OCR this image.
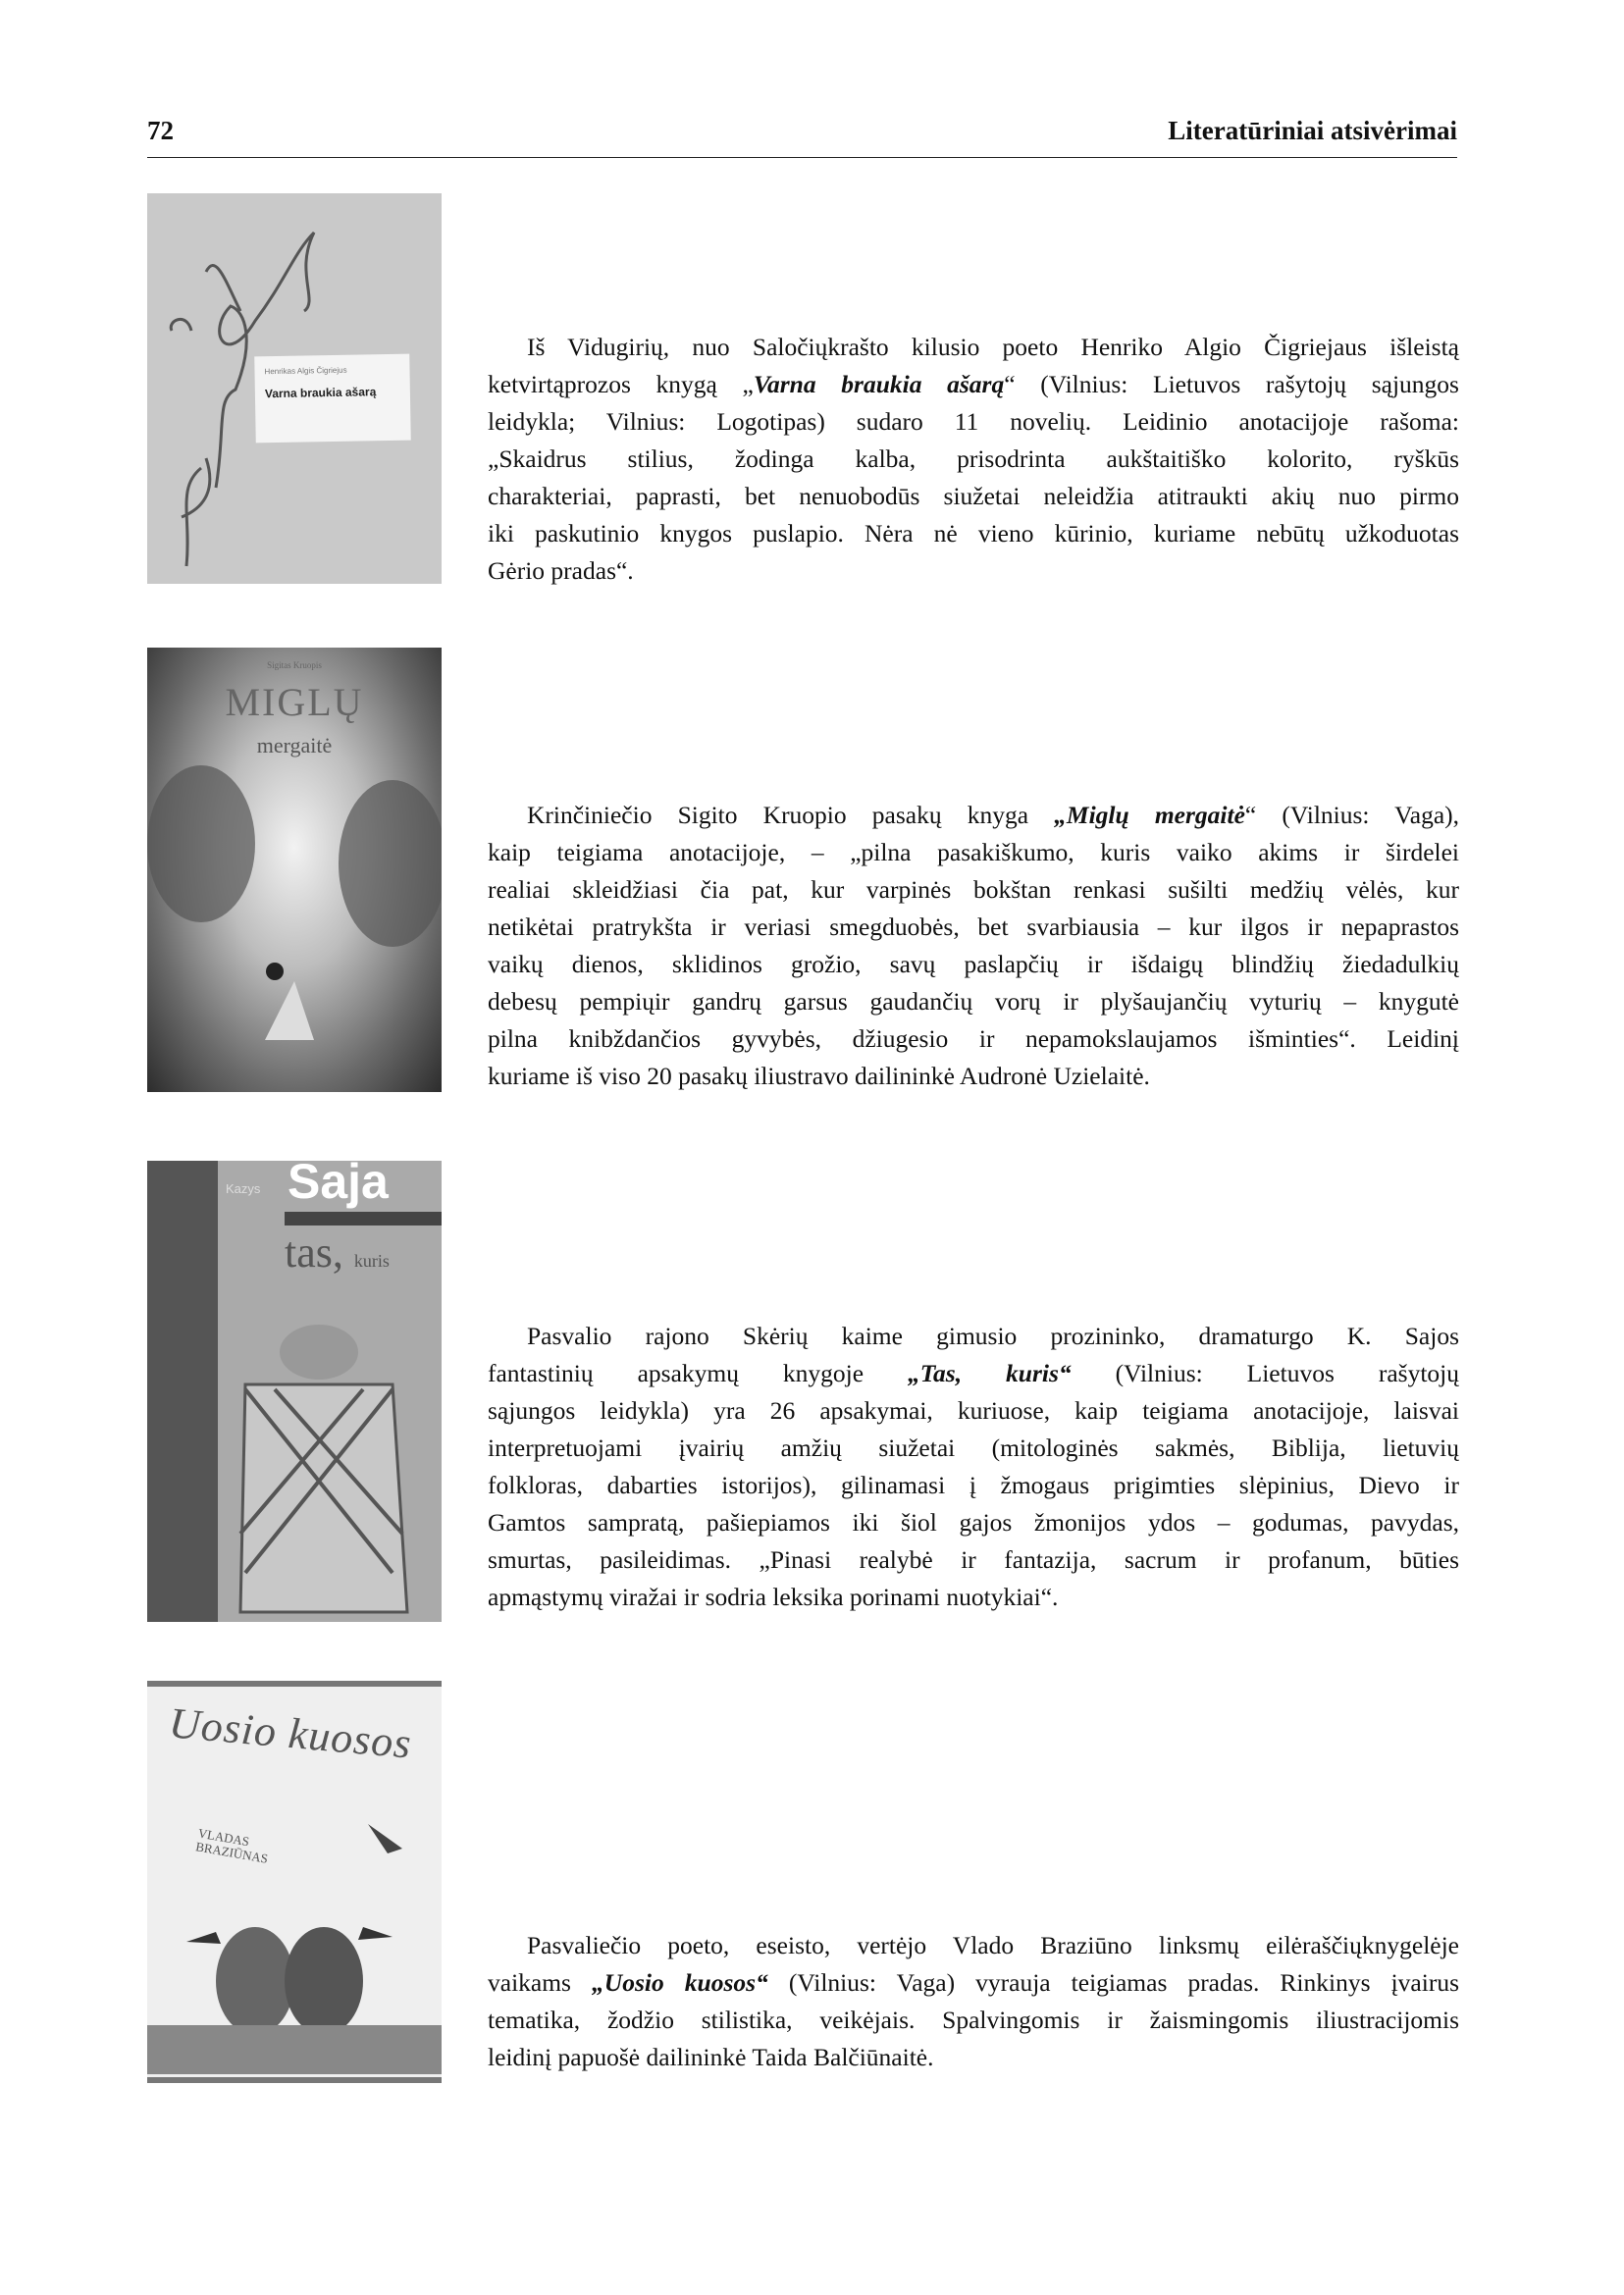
72	Literatūriniai atsivėrimai
Henrikas Algis Čigriejus
Varna braukia ašarą
Sigitas Kruopis
MIGLŲ
mergaitė
Kazys Saja
tas, kuris
Uosio kuosos
VLADAS BRAZIŪNAS
Iš Vidugirių, nuo Saločiųkrašto kilusio poeto Henriko Algio Čigriejaus išleistą
ketvirtąprozos knygą „Varna braukia ašarą“ (Vilnius: Lietuvos rašytojų sąjungos
leidykla; Vilnius: Logotipas) sudaro 11 novelių. Leidinio anotacijoje rašoma:
„Skaidrus stilius, žodinga kalba, prisodrinta aukštaitiško kolorito, ryškūs
charakteriai, paprasti, bet nenuobodūs siužetai neleidžia atitraukti akių nuo pirmo
iki paskutinio knygos puslapio. Nėra nė vieno kūrinio, kuriame nebūtų užkoduotas
Gėrio pradas“.
Krinčiniečio Sigito Kruopio pasakų knyga „Miglų mergaitė“ (Vilnius: Vaga),
kaip teigiama anotacijoje, – „pilna pasakiškumo, kuris vaiko akims ir širdelei
realiai skleidžiasi čia pat, kur varpinės bokštan renkasi sušilti medžių vėlės, kur
netikėtai pratrykšta ir veriasi smegduobės, bet svarbiausia – kur ilgos ir nepaprastos
vaikų dienos, sklidinos grožio, savų paslapčių ir išdaigų blindžių žiedadulkių
debesų pempiųir gandrų garsus gaudančių vorų ir plyšaujančių vyturių – knygutė
pilna knibždančios gyvybės, džiugesio ir nepamokslaujamos išminties“. Leidinį
kuriame iš viso 20 pasakų iliustravo dailininkė Audronė Uzielaitė.
Pasvalio rajono Skėrių kaime gimusio prozininko, dramaturgo K. Sajos
fantastinių apsakymų knygoje „Tas, kuris“ (Vilnius: Lietuvos rašytojų
sąjungos leidykla) yra 26 apsakymai, kuriuose, kaip teigiama anotacijoje, laisvai
interpretuojami įvairių amžių siužetai (mitologinės sakmės, Biblija, lietuvių
folkloras, dabarties istorijos), gilinamasi į žmogaus prigimties slėpinius, Dievo ir
Gamtos sampratą, pašiepiamos iki šiol gajos žmonijos ydos – godumas, pavydas,
smurtas, pasileidimas. „Pinasi realybė ir fantazija, sacrum ir profanum, būties
apmąstymų viražai ir sodria leksika porinami nuotykiai“.
Pasvaliečio poeto, eseisto, vertėjo Vlado Braziūno linksmų eilėraščiųknygelėje
vaikams „Uosio kuosos“ (Vilnius: Vaga) vyrauja teigiamas pradas. Rinkinys įvairus
tematika, žodžio stilistika, veikėjais. Spalvingomis ir žaismingomis iliustracijomis
leidinį papuošė dailininkė Taida Balčiūnaitė.
